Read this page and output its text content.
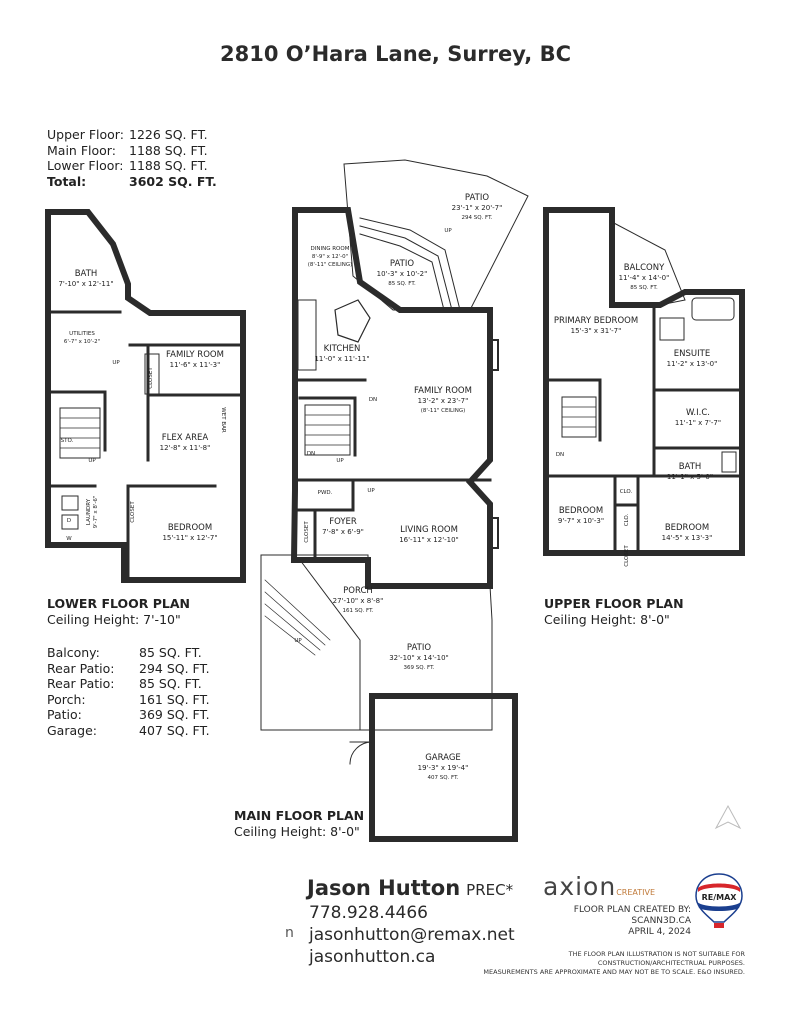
2810 O’Hara Lane, Surrey, BC
Upper Floor: 1226 SQ. FT.
Main Floor:	1188 SQ. FT.
Lower Floor: 1188 SQ. FT.
Total:	3602 SQ. FT.
BATH
7'-10" x 12'-11"
UTILITIES
6'-7" x 10'-2"
FAMILY ROOM
11'-6" x 11'-3"
CLOSET
STO.	FLEX AREA
12'-8" x 11'-8"
WET BAR
LAUNDRY 9'-7" x 8'-6"	CLOSET
BEDROOM
15'-11" x 12'-7"
UP
UP
W
D
PATIO
23'-1" x 20'-7"
294 SQ. FT.
DINING ROOM
8'-9" x 12'-0"
(8'-11" CEILING)	PATIO
10'-3" x 10'-2"
85 SQ. FT.
KITCHEN
11'-0" x 11'-11"
FAMILY ROOM
13'-2" x 23'-7"
(8'-11" CEILING)
PWD.
DN
DN
UP
UP
UP
UP
FOYER
7'-8" x 6'-9"
CLOSET	LIVING ROOM
16'-11" x 12'-10"
PORCH
27'-10" x 8'-8"
161 SQ. FT.
PATIO
32'-10" x 14'-10"
369 SQ. FT.
GARAGE
19'-3" x 19'-4"
407 SQ. FT.
BALCONY
11'-4" x 14'-0"
85 SQ. FT.
PRIMARY BEDROOM
15'-3" x 31'-7"
ENSUITE
11'-2" x 13'-0"
W.I.C.
11'-1" x 7'-7"
BATH
11'-1" x 5'-0"
CLO.
CLO.
CLOSET
BEDROOM
9'-7" x 10'-3"
BEDROOM
14'-5" x 13'-3"
DN
LOWER FLOOR PLAN
Ceiling Height: 7'-10"
MAIN FLOOR PLAN
Ceiling Height: 8'-0"
UPPER FLOOR PLAN
Ceiling Height: 8'-0"
Balcony:	85 SQ. FT.
Rear Patio:	294 SQ. FT.
Rear Patio:	85 SQ. FT.
Porch:	161 SQ. FT.
Patio:	369 SQ. FT.
Garage:	407 SQ. FT.
Jason Hutton PREC*
778.928.4466
jasonhutton@remax.net
jasonhutton.ca
n
axionCREATIVE
FLOOR PLAN CREATED BY:
SCANN3D.CA
APRIL 4, 2024
RE/MAX
THE FLOOR PLAN ILLUSTRATION IS NOT SUITABLE FOR
CONSTRUCTION/ARCHITECTRUAL PURPOSES.
MEASUREMENTS ARE APPROXIMATE AND MAY NOT BE TO SCALE. E&O INSURED.
